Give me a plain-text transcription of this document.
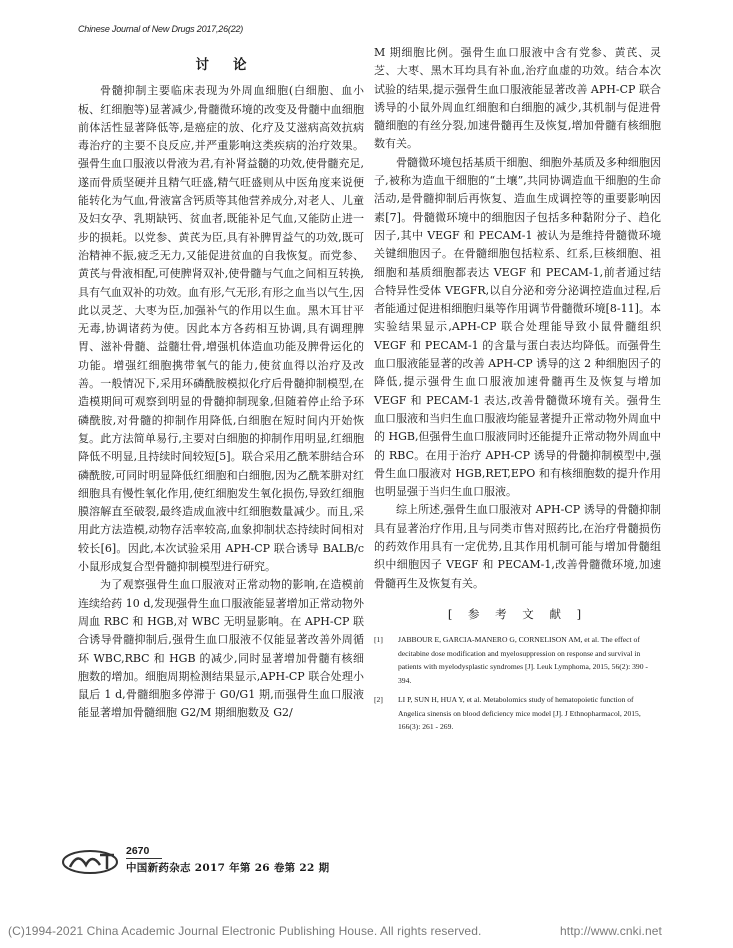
Chinese Journal of New Drugs 2017,26(22)
讨论

骨髓抑制主要临床表现为外周血细胞(白细胞、血小板、红细胞等)显著减少,骨髓微环境的改变及骨髓中血细胞前体活性显著降低等,是癌症的放、化疗及艾滋病高效抗病毒治疗的主要不良反应,并严重影响这类疾病的治疗效果。强骨生血口服液以骨液为君,有补肾益髓的功效,使骨髓充足,遂而骨质坚硬并且精气旺盛,精气旺盛则从中医角度来说便能转化为气血,骨液富含钙质等其他营养成分,对老人、儿童及妇女孕、乳期缺钙、贫血者,既能补足气血,又能防止进一步的损耗。以党参、黄芪为臣,具有补脾胃益气的功效,既可治精神不振,疲乏无力,又能促进贫血的自我恢复。而党参、黄芪与骨液相配,可使脾肾双补,使骨髓与气血之间相互转换,具有气血双补的功效。血有形,气无形,有形之血当以气生,因此以灵芝、大枣为臣,加强补气的作用以生血。黑木耳甘平无毒,协调诸药为使。因此本方各药相互协调,具有调理脾胃、滋补骨髓、益髓壮骨,增强机体造血功能及脾骨运化的功能。增强红细胞携带氧气的能力,使贫血得以治疗及改善。一般情况下,采用环磷酰胺模拟化疗后骨髓抑制模型,在造模期间可观察到明显的骨髓抑制现象,但随着停止给予环磷酰胺,对骨髓的抑制作用降低,白细胞在短时间内开始恢复。此方法简单易行,主要对白细胞的抑制作用明显,红细胞降低不明显,且持续时间较短[5]。联合采用乙酰苯肼结合环磷酰胺,可同时明显降低红细胞和白细胞,因为乙酰苯肼对红细胞具有慢性氧化作用,使红细胞发生氧化损伤,导致红细胞膜溶解直至破裂,最终造成血液中红细胞数量减少。而且,采用此方法造模,动物存活率较高,血象抑制状态持续时间相对较长[6]。因此,本次试验采用 APH-CP 联合诱导 BALB/c 小鼠形成复合型骨髓抑制模型进行研究。

为了观察强骨生血口服液对正常动物的影响,在造模前连续给药 10 d,发现强骨生血口服液能显著增加正常动物外周血 RBC 和 HGB,对 WBC 无明显影响。在 APH-CP 联合诱导骨髓抑制后,强骨生血口服液不仅能显著改善外周循环 WBC,RBC 和 HGB 的减少,同时显著增加骨髓有核细胞数的增加。细胞周期检测结果显示,APH-CP 联合处理小鼠后 1 d,骨髓细胞多停滞于 G0/G1 期,而强骨生血口服液能显著增加骨髓细胞 G2/M 期细胞数及 G2/

M 期细胞比例。强骨生血口服液中含有党参、黄芪、灵芝、大枣、黑木耳均具有补血,治疗血虚的功效。结合本次试验的结果,提示强骨生血口服液能显著改善 APH-CP 联合诱导的小鼠外周血红细胞和白细胞的减少,其机制与促进骨髓细胞的有丝分裂,加速骨髓再生及恢复,增加骨髓有核细胞数有关。

骨髓微环境包括基质干细胞、细胞外基质及多种细胞因子,被称为造血干细胞的“土壤”,共同协调造血干细胞的生命活动,是骨髓抑制后再恢复、造血生成调控等的重要影响因素[7]。骨髓微环境中的细胞因子包括多种黏附分子、趋化因子,其中 VEGF 和 PECAM-1 被认为是维持骨髓微环境关键细胞因子。在骨髓细胞包括粒系、红系,巨核细胞、祖细胞和基质细胞都表达 VEGF 和 PECAM-1,前者通过结合特异性受体 VEGFR,以自分泌和旁分泌调控造血过程,后者能通过促进相细胞归巢等作用调节骨髓微环境[8-11]。本实验结果显示,APH-CP 联合处理能导致小鼠骨髓组织 VEGF 和 PECAM-1 的含量与蛋白表达均降低。而强骨生血口服液能显著的改善 APH-CP 诱导的这 2 种细胞因子的降低,提示强骨生血口服液加速骨髓再生及恢复与增加 VEGF 和 PECAM-1 表达,改善骨髓微环境有关。强骨生血口服液和当归生血口服液均能显著提升正常动物外周血中的 HGB,但强骨生血口服液同时还能提升正常动物外周血中的 RBC。在用于治疗 APH-CP 诱导的骨髓抑制模型中,强骨生血口服液对 HGB,RET,EPO 和有核细胞数的提升作用也明显强于当归生血口服液。

综上所述,强骨生血口服液对 APH-CP 诱导的骨髓抑制具有显著治疗作用,且与同类市售对照药比,在治疗骨髓损伤的药效作用具有一定优势,且其作用机制可能与增加骨髓组织中细胞因子 VEGF 和 PECAM-1,改善骨髓微环境,加速骨髓再生及恢复有关。

[ 参 考 文 献 ]
[1]	JABBOUR E, GARCIA-MANERO G, CORNELISON AM, et al. The effect of decitabine dose modification and myelosuppression on response and survival in patients with myelodysplastic syndromes [J]. Leuk Lymphoma, 2015, 56(2): 390 - 394.
[2]	LI P, SUN H, HUA Y, et al. Metabolomics study of hematopoietic function of Angelica sinensis on blood deficiency mice model [J]. J Ethnopharmacol, 2015, 166(3): 261 - 269.
2670
中国新药杂志 2017 年第 26 卷第 22 期
(C)1994-2021 China Academic Journal Electronic Publishing House. All rights reserved.	http://www.cnki.net
